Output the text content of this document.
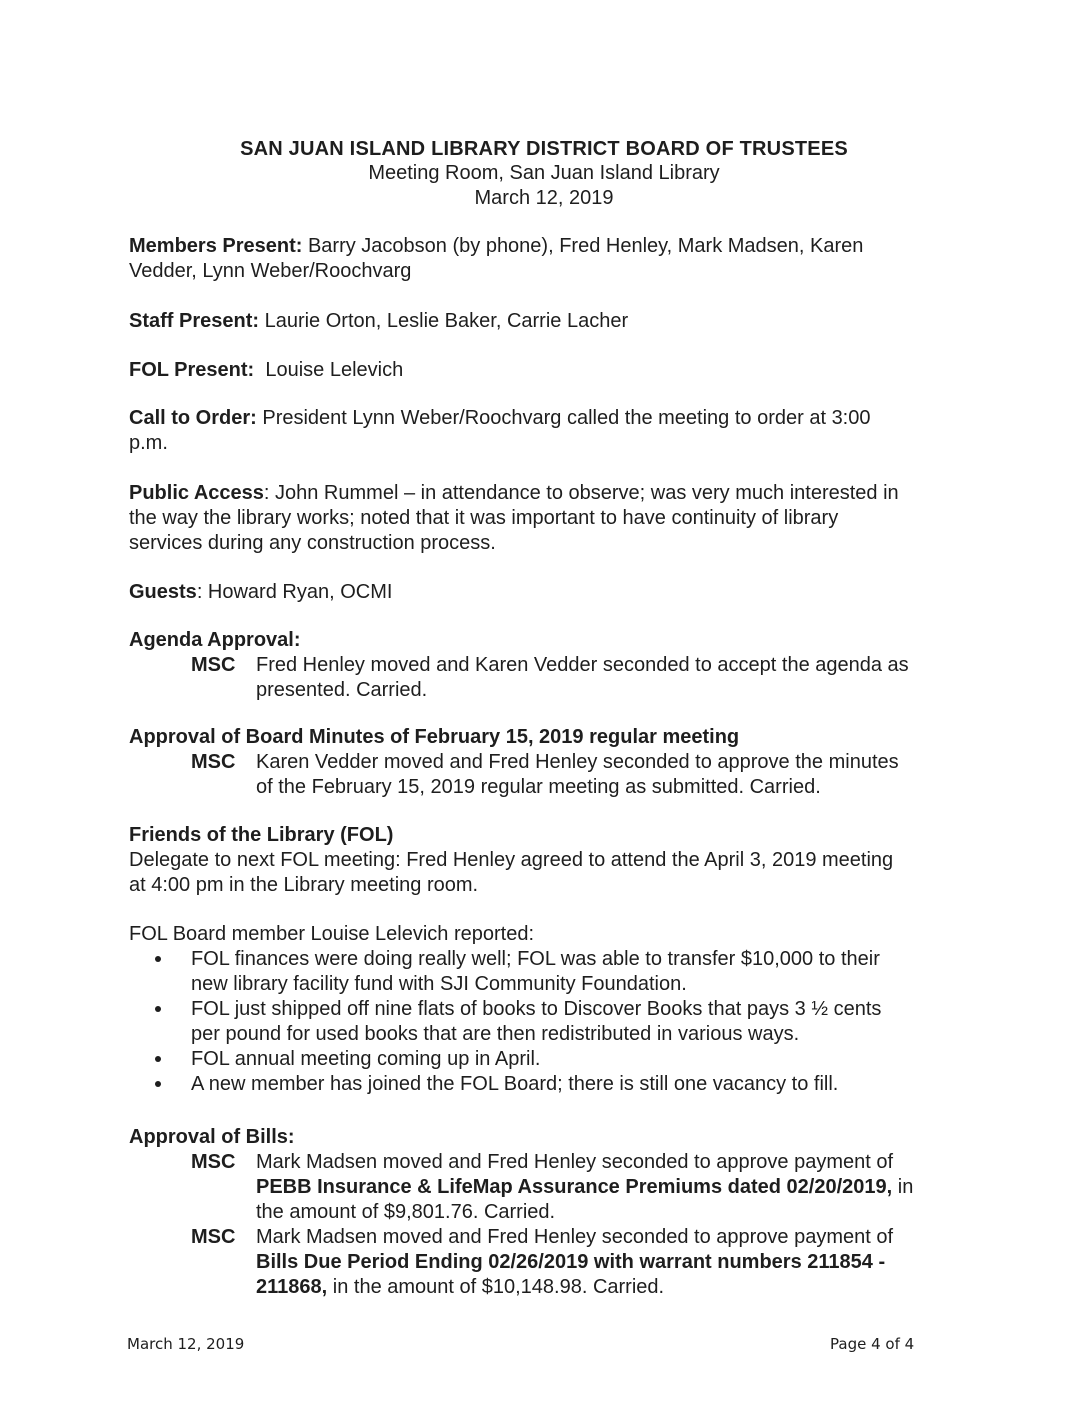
SAN JUAN ISLAND LIBRARY DISTRICT BOARD OF TRUSTEES

Meeting Room, San Juan Island Library

March 12, 2019

Members Present: Barry Jacobson (by phone), Fred Henley, Mark Madsen, Karen

Vedder, Lynn Weber/Roochvarg

Staff Present: Laurie Orton, Leslie Baker, Carrie Lacher

FOL Present:  Louise Lelevich

Call to Order: President Lynn Weber/Roochvarg called the meeting to order at 3:00

p.m.

Public Access: John Rummel – in attendance to observe; was very much interested in

the way the library works; noted that it was important to have continuity of library

services during any construction process.

Guests: Howard Ryan, OCMI

Agenda Approval:

MSC Fred Henley moved and Karen Vedder seconded to accept the agenda as

presented. Carried.

Approval of Board Minutes of February 15, 2019 regular meeting

MSC Karen Vedder moved and Fred Henley seconded to approve the minutes

of the February 15, 2019 regular meeting as submitted. Carried.

Friends of the Library (FOL)

Delegate to next FOL meeting: Fred Henley agreed to attend the April 3, 2019 meeting

at 4:00 pm in the Library meeting room.

FOL Board member Louise Lelevich reported:

FOL finances were doing really well; FOL was able to transfer $10,000 to their
new library facility fund with SJI Community Foundation.
FOL just shipped off nine flats of books to Discover Books that pays 3 ½ cents
per pound for used books that are then redistributed in various ways.
FOL annual meeting coming up in April.
A new member has joined the FOL Board; there is still one vacancy to fill.

Approval of Bills:

MSC Mark Madsen moved and Fred Henley seconded to approve payment of

PEBB Insurance & LifeMap Assurance Premiums dated 02/20/2019, in

the amount of $9,801.76. Carried.

MSC Mark Madsen moved and Fred Henley seconded to approve payment of

Bills Due Period Ending 02/26/2019 with warrant numbers 211854 -

211868, in the amount of $10,148.98. Carried.

March 12, 2019	Page 4 of 4
